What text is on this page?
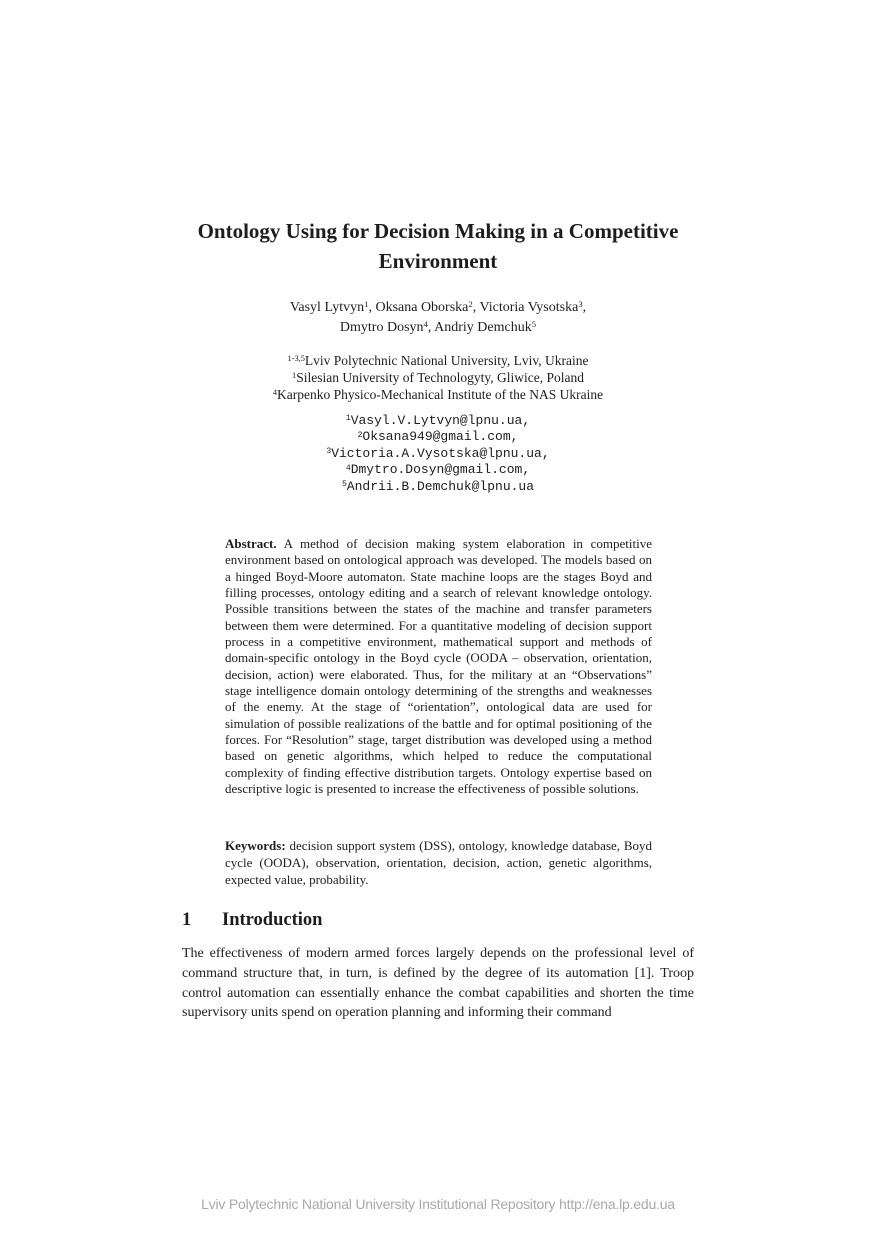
Ontology Using for Decision Making in a Competitive
Environment
Vasyl Lytvyn$^1$, Oksana Oborska$^2$, Victoria Vysotska$^3$,
Dmytro Dosyn$^4$, Andriy Demchuk$^5$
$^{1-3,5}$Lviv Polytechnic National University, Lviv, Ukraine
$^1$Silesian University of Technologyty, Gliwice, Poland
$^4$Karpenko Physico-Mechanical Institute of the NAS Ukraine
$^1$Vasyl.V.Lytvyn@lpnu.ua,
$^2$Oksana949@gmail.com,
$^3$Victoria.A.Vysotska@lpnu.ua,
$^4$Dmytro.Dosyn@gmail.com,
$^5$Andrii.B.Demchuk@lpnu.ua
Abstract. A method of decision making system elaboration in competitive environment based on ontological approach was developed. The models based on a hinged Boyd-Moore automaton. State machine loops are the stages Boyd and filling processes, ontology editing and a search of relevant knowledge ontology. Possible transitions between the states of the machine and transfer parameters between them were determined. For a quantitative modeling of decision support process in a competitive environment, mathematical support and methods of domain-specific ontology in the Boyd cycle (OODA – observation, orientation, decision, action) were elaborated. Thus, for the military at an “Observations” stage intelligence domain ontology determining of the strengths and weaknesses of the enemy. At the stage of “orientation”, ontological data are used for simulation of possible realizations of the battle and for optimal positioning of the forces. For “Resolution” stage, target distribution was developed using a method based on genetic algorithms, which helped to reduce the computational complexity of finding effective distribution targets. Ontology expertise based on descriptive logic is presented to increase the effectiveness of possible solutions.
Keywords: decision support system (DSS), ontology, knowledge database, Boyd cycle (OODA), observation, orientation, decision, action, genetic algorithms, expected value, probability.
1 Introduction
The effectiveness of modern armed forces largely depends on the professional level of command structure that, in turn, is defined by the degree of its automation [1]. Troop control automation can essentially enhance the combat capabilities and shorten the time supervisory units spend on operation planning and informing their command
Lviv Polytechnic National University Institutional Repository http://ena.lp.edu.ua
